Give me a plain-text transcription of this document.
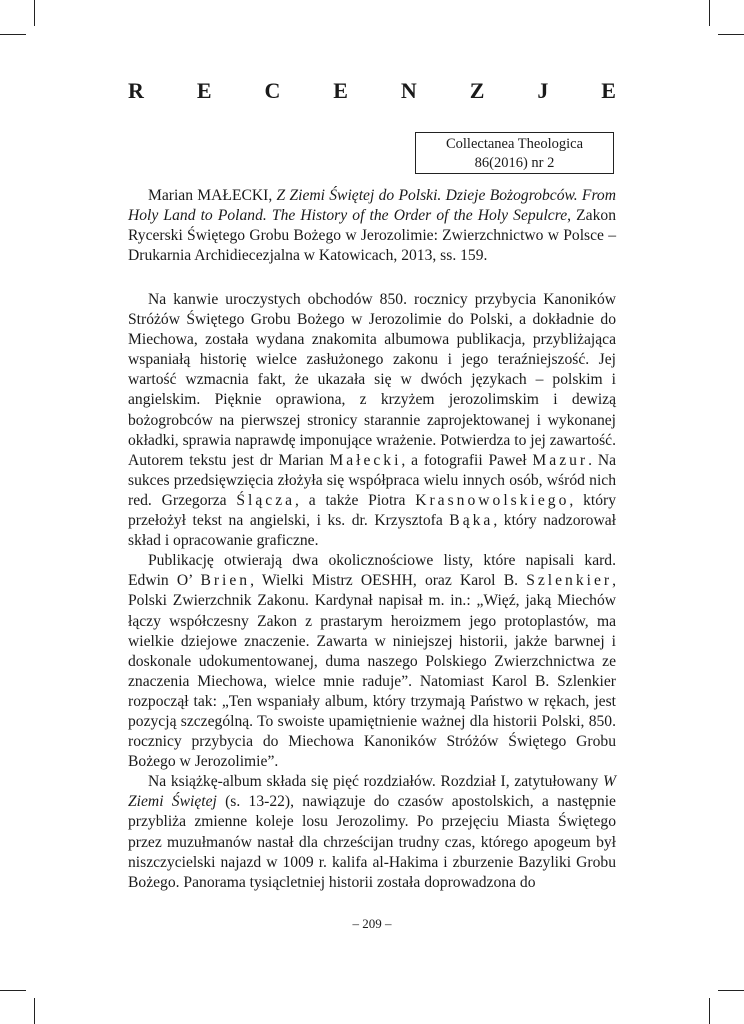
R E C E N Z J E
Collectanea Theologica
86(2016) nr 2

Marian MAŁECKI, Z Ziemi Świętej do Polski. Dzieje Bożogrobców. From Holy Land to Poland. The History of the Order of the Holy Sepulcre, Zakon Rycerski Świętego Grobu Bożego w Jerozolimie: Zwierzchnictwo w Polsce – Drukarnia Archidiecezjalna w Katowicach, 2013, ss. 159.

Na kanwie uroczystych obchodów 850. rocznicy przybycia Kanoników Stróżów Świętego Grobu Bożego w Jerozolimie do Polski, a dokładnie do Miechowa, została wydana znakomita albumowa publikacja, przybliżająca wspaniałą historię wielce zasłużonego zakonu i jego teraźniejszość. Jej wartość wzmacnia fakt, że ukazała się w dwóch językach – polskim i angielskim. Pięknie oprawiona, z krzyżem jerozolimskim i dewizą bożogrobców na pierwszej stronicy starannie zaprojektowanej i wykonanej okładki, sprawia naprawdę imponujące wrażenie. Potwierdza to jej zawartość. Autorem tekstu jest dr Marian Małecki, a fotografii Paweł Mazur. Na sukces przedsięwzięcia złożyła się współpraca wielu innych osób, wśród nich red. Grzegorza Ślącza, a także Piotra Krasnowolskiego, który przełożył tekst na angielski, i ks. dr. Krzysztofa Bąka, który nadzorował skład i opracowanie graficzne.

Publikację otwierają dwa okolicznościowe listy, które napisali kard. Edwin O’ Brien, Wielki Mistrz OESHH, oraz Karol B. Szlenkier, Polski Zwierzchnik Zakonu. Kardynał napisał m. in.: „Więź, jaką Miechów łączy współczesny Zakon z prastarym heroizmem jego protoplastów, ma wielkie dziejowe znaczenie. Zawarta w niniejszej historii, jakże barwnej i doskonale udokumentowanej, duma naszego Polskiego Zwierzchnictwa ze znaczenia Miechowa, wielce mnie raduje”. Natomiast Karol B. Szlenkier rozpoczął tak: „Ten wspaniały album, który trzymają Państwo w rękach, jest pozycją szczególną. To swoiste upamiętnienie ważnej dla historii Polski, 850. rocznicy przybycia do Miechowa Kanoników Stróżów Świętego Grobu Bożego w Jerozolimie”.

Na książkę-album składa się pięć rozdziałów. Rozdział I, zatytułowany W Ziemi Świętej (s. 13-22), nawiązuje do czasów apostolskich, a następnie przybliża zmienne koleje losu Jerozolimy. Po przejęciu Miasta Świętego przez muzułmanów nastał dla chrześcijan trudny czas, którego apogeum był niszczycielski najazd w 1009 r. kalifa al-Hakima i zburzenie Bazyliki Grobu Bożego. Panorama tysiącletniej historii została doprowadzona do

– 209 –
